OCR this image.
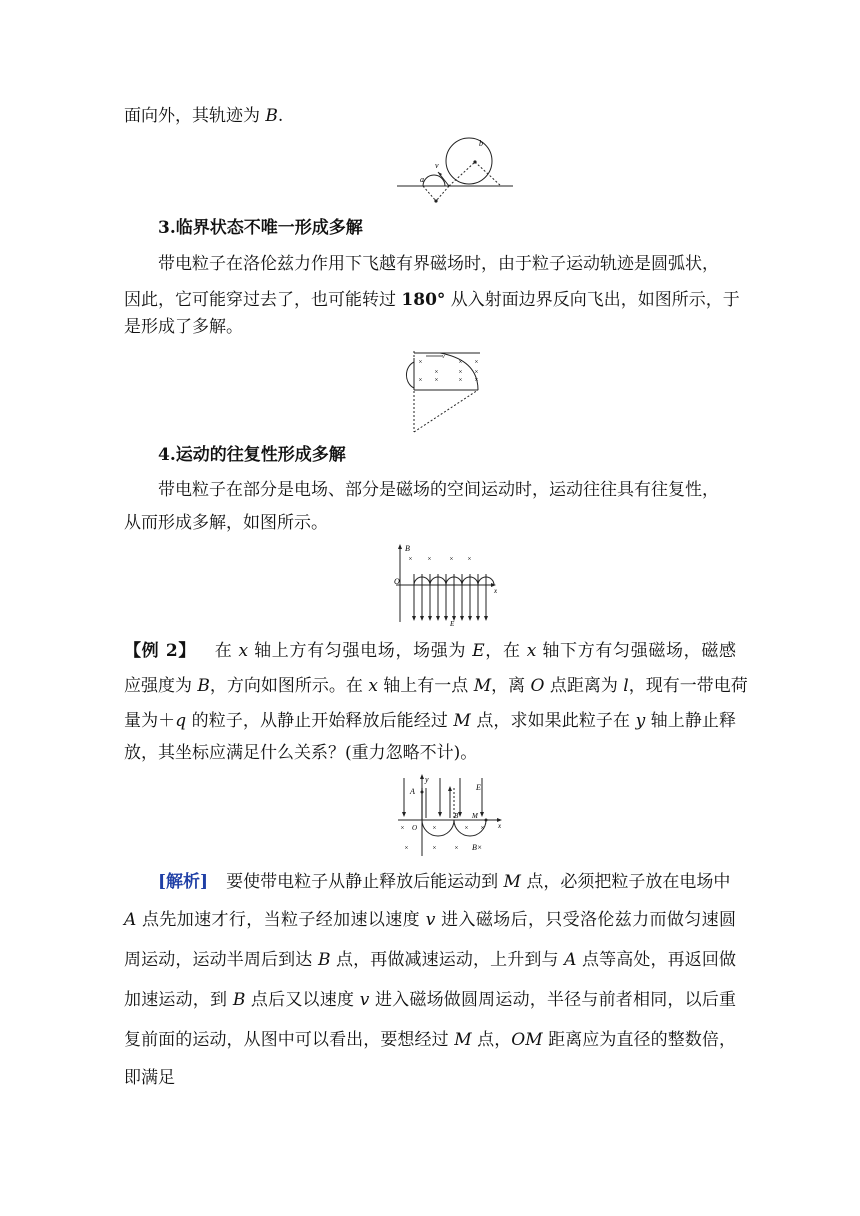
面向外，其轨迹为 B.
v
a
b
3.临界状态不唯一形成多解
带电粒子在洛伦兹力作用下飞越有界磁场时，由于粒子运动轨迹是圆弧状，
因此，它可能穿过去了，也可能转过 180° 从入射面边界反向飞出，如图所示，于
是形成了多解。
v
×	× ×
×	× ×
× ×	× ×
4.运动的往复性形成多解
带电粒子在部分是电场、部分是磁场的空间运动时，运动往往具有往复性，
从而形成多解，如图所示。
B
O
x
× × × ×
E
【例 2】 在 x 轴上方有匀强电场，场强为 E，在 x 轴下方有匀强磁场，磁感
应强度为 B，方向如图所示。在 x 轴上有一点 M，离 O 点距离为 l，现有一带电荷
量为＋q 的粒子，从静止开始释放后能经过 M 点，求如果此粒子在 y 轴上静止释
放，其坐标应满足什么关系？(重力忽略不计)。
y
x
A	E
O
B M
×	×	× ×
×	× × B×
[解析] 要使带电粒子从静止释放后能运动到 M 点，必须把粒子放在电场中
A 点先加速才行，当粒子经加速以速度 v 进入磁场后，只受洛伦兹力而做匀速圆
周运动，运动半周后到达 B 点，再做减速运动，上升到与 A 点等高处，再返回做
加速运动，到 B 点后又以速度 v 进入磁场做圆周运动，半径与前者相同，以后重
复前面的运动，从图中可以看出，要想经过 M 点，OM 距离应为直径的整数倍，
即满足
